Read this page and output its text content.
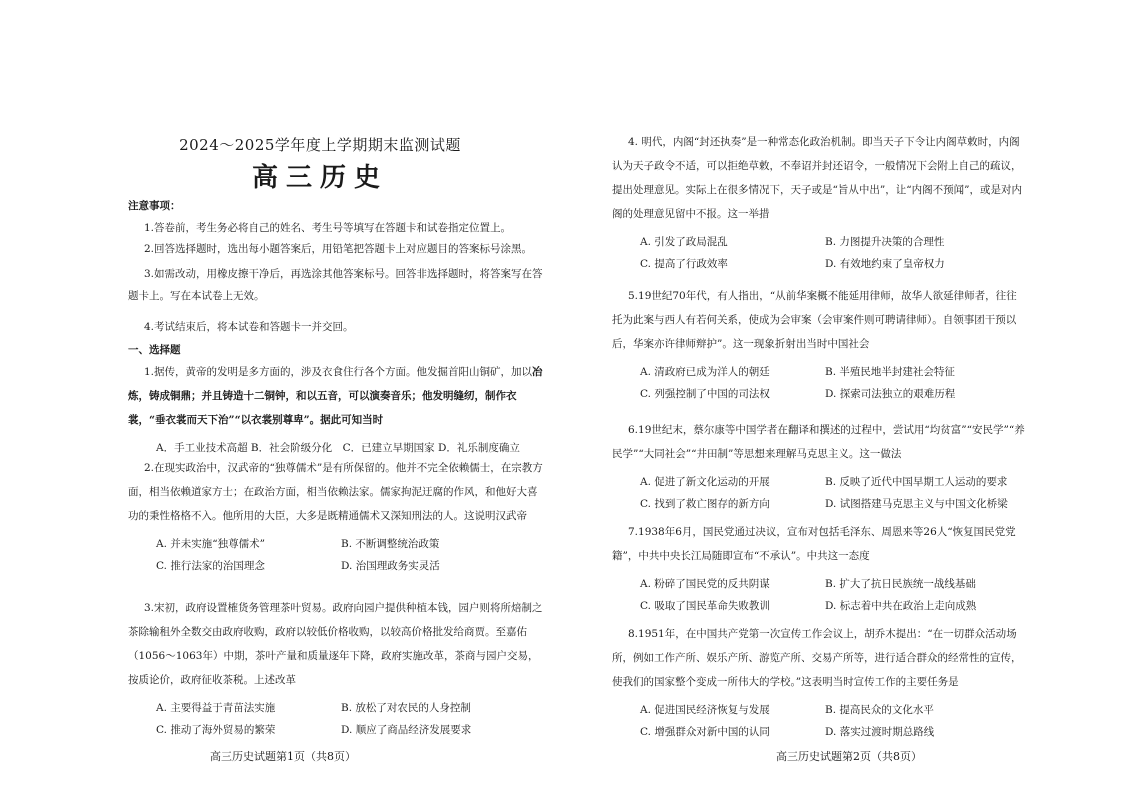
2024～2025学年度上学期期末监测试题
高三历史
注意事项：

1.答卷前，考生务必将自己的姓名、考生号等填写在答题卡和试卷指定位置上。

2.回答选择题时，选出每小题答案后，用铅笔把答题卡上对应题目的答案标号涂黑。

3.如需改动，用橡皮擦干净后，再选涂其他答案标号。回答非选择题时，将答案写在答题卡上。写在本试卷上无效。

4.考试结束后，将本试卷和答题卡一并交回。

一、选择题
1.据传，黄帝的发明是多方面的，涉及衣食住行各个方面。他发掘首阳山铜矿，加以冶炼，铸成铜鼎；并且铸造十二铜钟，和以五音，可以演奏音乐；他发明缝纫，制作衣裳，“垂衣裳而天下治”“以衣裳别尊卑”。据此可知当时
A．手工业技术高超 B．社会阶级分化　C．已建立早期国家 D．礼乐制度确立
2.在现实政治中，汉武帝的“独尊儒术”是有所保留的。他并不完全依赖儒士，在宗教方面，相当依赖道家方士；在政治方面，相当依赖法家。儒家拘泥迂腐的作风，和他好大喜功的秉性格格不入。他所用的大臣，大多是既精通儒术又深知刑法的人。这说明汉武帝
A. 并未实施“独尊儒术”	B. 不断调整统治政策
C. 推行法家的治国理念	D. 治国理政务实灵活
3.宋初，政府设置榷货务管理茶叶贸易。政府向园户提供种植本钱，园户则将所焙制之茶除输租外全数交由政府收购，政府以较低价格收购，以较高价格批发给商贾。至嘉佑（1056～1063年）中期，茶叶产量和质量逐年下降，政府实施改革，茶商与园户交易，按质论价，政府征收茶税。上述改革
A. 主要得益于青苗法实施	B. 放松了对农民的人身控制
C. 推动了海外贸易的繁荣	D. 顺应了商品经济发展要求
高三历史试题第1页（共8页）
4. 明代，内阁“封还执奏”是一种常态化政治机制。即当天子下令让内阁草敕时，内阁认为天子政令不适，可以拒绝草敕，不奉诏并封还诏令，一般情况下会附上自己的疏议，提出处理意见。实际上在很多情况下，天子或是“旨从中出”，让“内阁不预闻”，或是对内阁的处理意见留中不报。这一举措
A. 引发了政局混乱	B. 力图提升决策的合理性
C. 提高了行政效率	D. 有效地约束了皇帝权力
5.19世纪70年代，有人指出，“从前华案概不能延用律师，故华人欲延律师者，往往托为此案与西人有若何关系，使成为会审案（会审案件则可聘请律师）。自领事团干预以后，华案亦许律师辩护”。这一现象折射出当时中国社会
A. 清政府已成为洋人的朝廷	B. 半殖民地半封建社会特征
C. 列强控制了中国的司法权	D. 探索司法独立的艰难历程
6.19世纪末，蔡尔康等中国学者在翻译和撰述的过程中，尝试用“均贫富”“安民学”“养民学”“大同社会”“井田制”等思想来理解马克思主义。这一做法
A. 促进了新文化运动的开展	B. 反映了近代中国早期工人运动的要求
C. 找到了救亡图存的新方向	D. 试图搭建马克思主义与中国文化桥梁
7.1938年6月，国民党通过决议，宣布对包括毛泽东、周恩来等26人“恢复国民党党籍”，中共中央长江局随即宣布“不承认”。中共这一态度
A. 粉碎了国民党的反共阴谋	B. 扩大了抗日民族统一战线基础
C. 吸取了国民革命失败教训	D. 标志着中共在政治上走向成熟
8.1951年，在中国共产党第一次宣传工作会议上，胡乔木提出：“在一切群众活动场所，例如工作产所、娱乐产所、游览产所、交易产所等，进行适合群众的经常性的宣传，使我们的国家整个变成一所伟大的学校。”这表明当时宣传工作的主要任务是
A. 促进国民经济恢复与发展	B. 提高民众的文化水平
C. 增强群众对新中国的认同	D. 落实过渡时期总路线
高三历史试题第2页（共8页）
